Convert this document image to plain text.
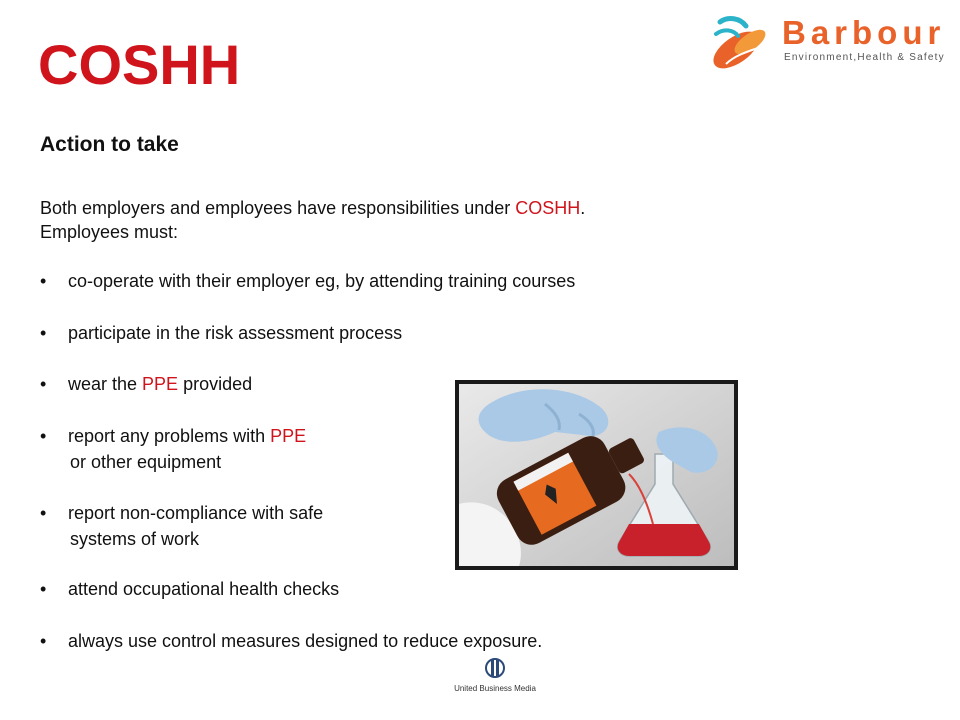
COSHH
Barbour
Environment,Health & Safety
Action to take
Both employers and employees have responsibilities under COSHH.
Employees must:
• co-operate with their employer eg, by attending training courses
• participate in the risk assessment process
• wear the PPE provided
• report any problems with PPE
or other equipment
• report non-compliance with safe
systems of work
• attend occupational health checks
• always use control measures designed to reduce exposure.
United Business Media
